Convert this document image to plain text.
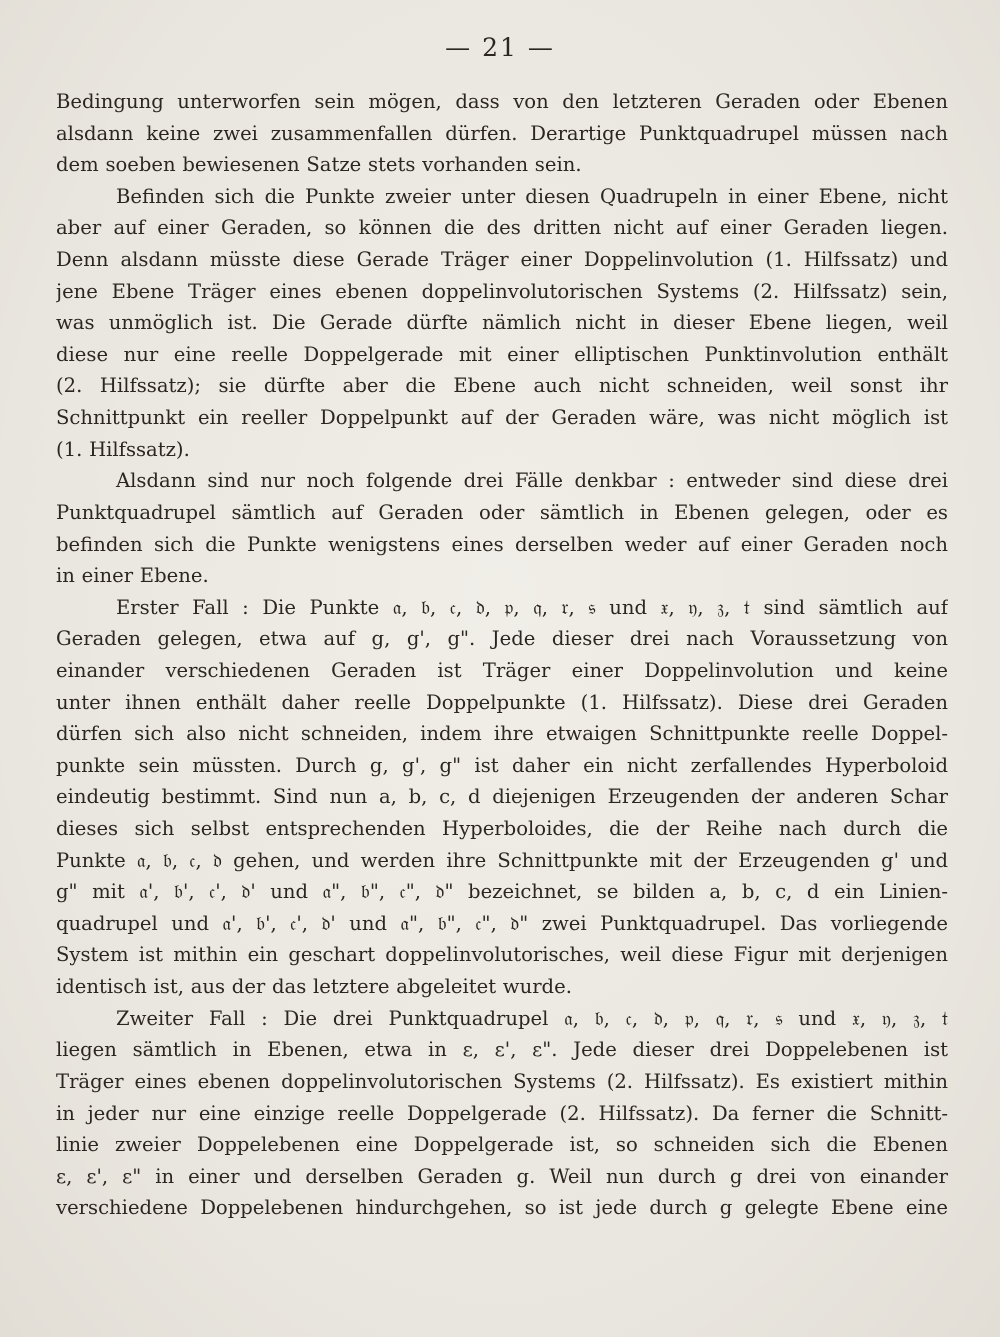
— 21 —
Bedingung unterworfen sein mögen, dass von den letzteren Geraden oder Ebenen
alsdann keine zwei zusammenfallen dürfen. Derartige Punktquadrupel müssen nach
dem soeben bewiesenen Satze stets vorhanden sein.
Befinden sich die Punkte zweier unter diesen Quadrupeln in einer Ebene, nicht
aber auf einer Geraden, so können die des dritten nicht auf einer Geraden liegen.
Denn alsdann müsste diese Gerade Träger einer Doppelinvolution (1. Hilfssatz) und
jene Ebene Träger eines ebenen doppelinvolutorischen Systems (2. Hilfssatz) sein,
was unmöglich ist. Die Gerade dürfte nämlich nicht in dieser Ebene liegen, weil
diese nur eine reelle Doppelgerade mit einer elliptischen Punktinvolution enthält
(2. Hilfssatz); sie dürfte aber die Ebene auch nicht schneiden, weil sonst ihr
Schnittpunkt ein reeller Doppelpunkt auf der Geraden wäre, was nicht möglich ist
(1. Hilfssatz).
Alsdann sind nur noch folgende drei Fälle denkbar : entweder sind diese drei
Punktquadrupel sämtlich auf Geraden oder sämtlich in Ebenen gelegen, oder es
befinden sich die Punkte wenigstens eines derselben weder auf einer Geraden noch
in einer Ebene.
Erster Fall : Die Punkte 𝔞, 𝔟, 𝔠, 𝔡, 𝔭, 𝔮, 𝔯, 𝔰 und 𝔵, 𝔶, 𝔷, 𝔱 sind sämtlich auf
Geraden gelegen, etwa auf g, g', g". Jede dieser drei nach Voraussetzung von
einander verschiedenen Geraden ist Träger einer Doppelinvolution und keine
unter ihnen enthält daher reelle Doppelpunkte (1. Hilfssatz). Diese drei Geraden
dürfen sich also nicht schneiden, indem ihre etwaigen Schnittpunkte reelle Doppel-
punkte sein müssten. Durch g, g', g" ist daher ein nicht zerfallendes Hyperboloid
eindeutig bestimmt. Sind nun a, b, c, d diejenigen Erzeugenden der anderen Schar
dieses sich selbst entsprechenden Hyperboloides, die der Reihe nach durch die
Punkte 𝔞, 𝔟, 𝔠, 𝔡 gehen, und werden ihre Schnittpunkte mit der Erzeugenden g' und
g" mit 𝔞', 𝔟', 𝔠', 𝔡' und 𝔞", 𝔟", 𝔠", 𝔡" bezeichnet, se bilden a, b, c, d ein Linien-
quadrupel und 𝔞', 𝔟', 𝔠', 𝔡' und 𝔞", 𝔟", 𝔠", 𝔡" zwei Punktquadrupel. Das vorliegende
System ist mithin ein geschart doppelinvolutorisches, weil diese Figur mit derjenigen
identisch ist, aus der das letztere abgeleitet wurde.
Zweiter Fall : Die drei Punktquadrupel 𝔞, 𝔟, 𝔠, 𝔡, 𝔭, 𝔮, 𝔯, 𝔰 und 𝔵, 𝔶, 𝔷, 𝔱
liegen sämtlich in Ebenen, etwa in ε, ε', ε". Jede dieser drei Doppelebenen ist
Träger eines ebenen doppelinvolutorischen Systems (2. Hilfssatz). Es existiert mithin
in jeder nur eine einzige reelle Doppelgerade (2. Hilfssatz). Da ferner die Schnitt-
linie zweier Doppelebenen eine Doppelgerade ist, so schneiden sich die Ebenen
ε, ε', ε" in einer und derselben Geraden g. Weil nun durch g drei von einander
verschiedene Doppelebenen hindurchgehen, so ist jede durch g gelegte Ebene eine
